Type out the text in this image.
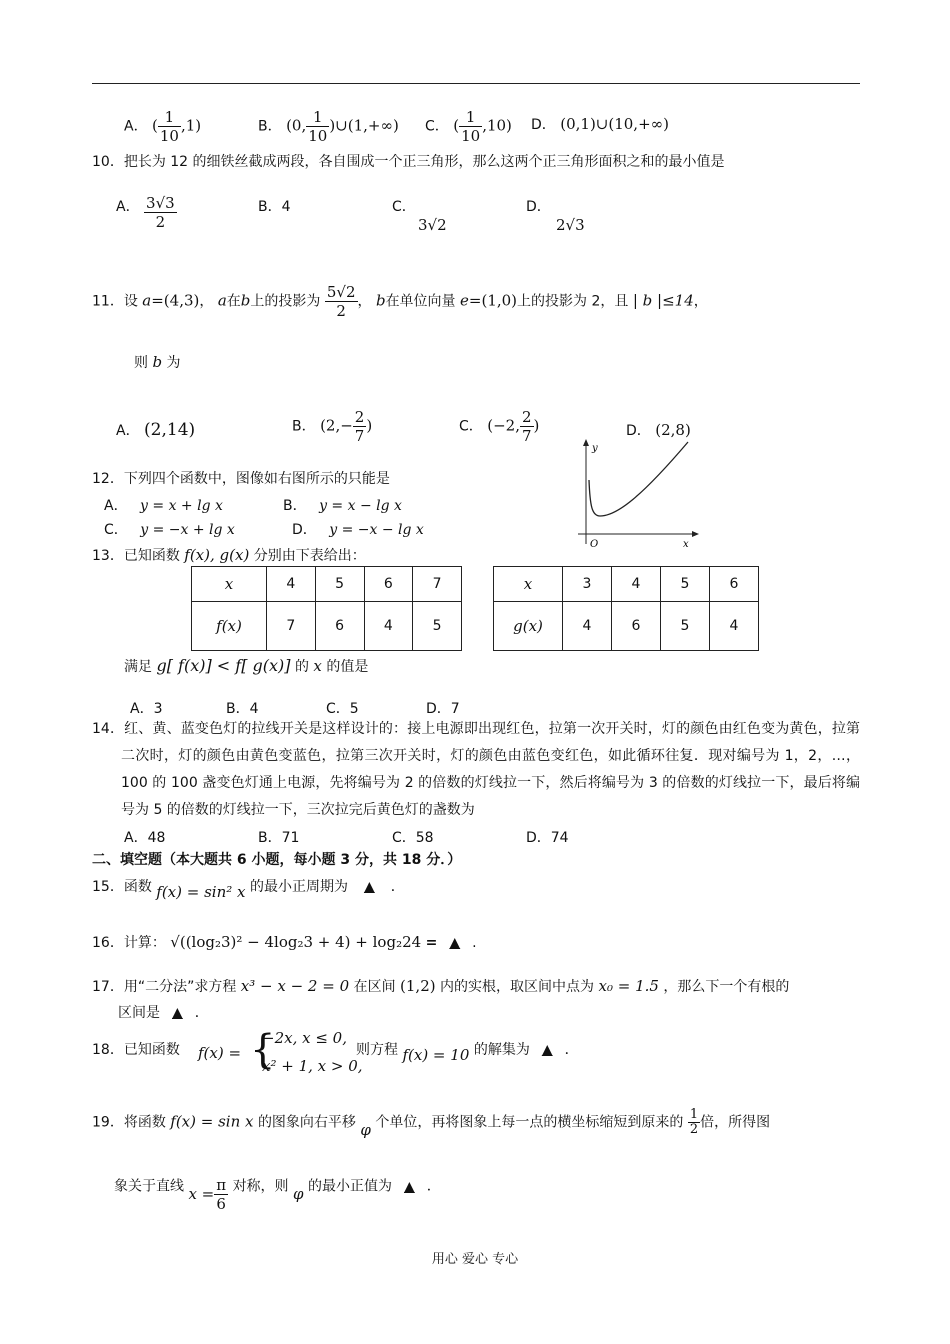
A． ( $\frac{1}{10} ,1$)	B． (0, $\frac{1}{10}$ )∪(1,+∞) C． ( $\frac{1}{10} ,10$) D． (0,1)∪(10,+∞)
10．把长为 12 的细铁丝截成两段，各自围成一个正三角形，那么这两个正三角形面积之和的最小值是
A． $\frac{3√3}{2}$	B．4	C．
3√2
D．
2√3
11．设 a=(4,3)， a在b上的投影为 $\frac{5√2}{2}$ ， b在单位向量 e=(1,0)上的投影为 2，且 | b |≤14，
则 b 为
A． (2,14)	B． ($2,- \frac{2}{7}$ )	C． (−2, $\frac{2}{7}$ )	D． (2,8)
12．下列四个函数中，图像如右图所示的只能是
A． y = x + lg x	B． y = x − lg x
C． y = −x + lg x	D． y = −x − lg x
y
O	x
13．已知函数 f(x), g(x) 分别由下表给出：
x	4	5	6	7
f(x)	7	6	4	5
x	3	4	5	6
g(x)	4	6	5	4
满足 g[ f(x)] < f[ g(x)] 的 x 的值是
A．3	B．4	C．5	D．7
14．红、黄、蓝变色灯的拉线开关是这样设计的：接上电源即出现红色，拉第一次开关时，灯的颜色由红色变为黄色，拉第二次时，灯的颜色由黄色变蓝色，拉第三次开关时，灯的颜色由蓝色变红色，如此循环往复．现对编号为 1，2，…，100 的 100 盏变色灯通上电源，先将编号为 2 的倍数的灯线拉一下，然后将编号为 3 的倍数的灯线拉一下，最后将编号为 5 的倍数的灯线拉一下，三次拉完后黄色灯的盏数为
A．48	B．71	C．58	D．74
二、填空题（本大题共 6 小题，每小题 3 分，共 18 分．）
15．函数 f(x) = sin² x 的最小正周期为 ▲ ．
16．计算： √((log₂3)² − 4log₂3 + 4) + log₂24 = ▲ .
17．用“二分法”求方程 x³ − x − 2 = 0 在区间 (1,2) 内的实根，取区间中点为 x₀ = 1.5 ，那么下一个有根的
区间是 ▲ ．
18．已知函数 f(x) = {
−2x, x ≤ 0,
x² + 1, x > 0,
则方程 f(x) = 10 的解集为 ▲ ．
19．将函数 f(x) = sin x 的图象向右平移 φ 个单位，再将图象上每一点的横坐标缩短到原来的 $\frac{1}{2}$ 倍，所得图
象关于直线 $x = \frac{\pi}{6}$ 对称，则 φ 的最小正值为 ▲ ．
用心 爱心 专心
